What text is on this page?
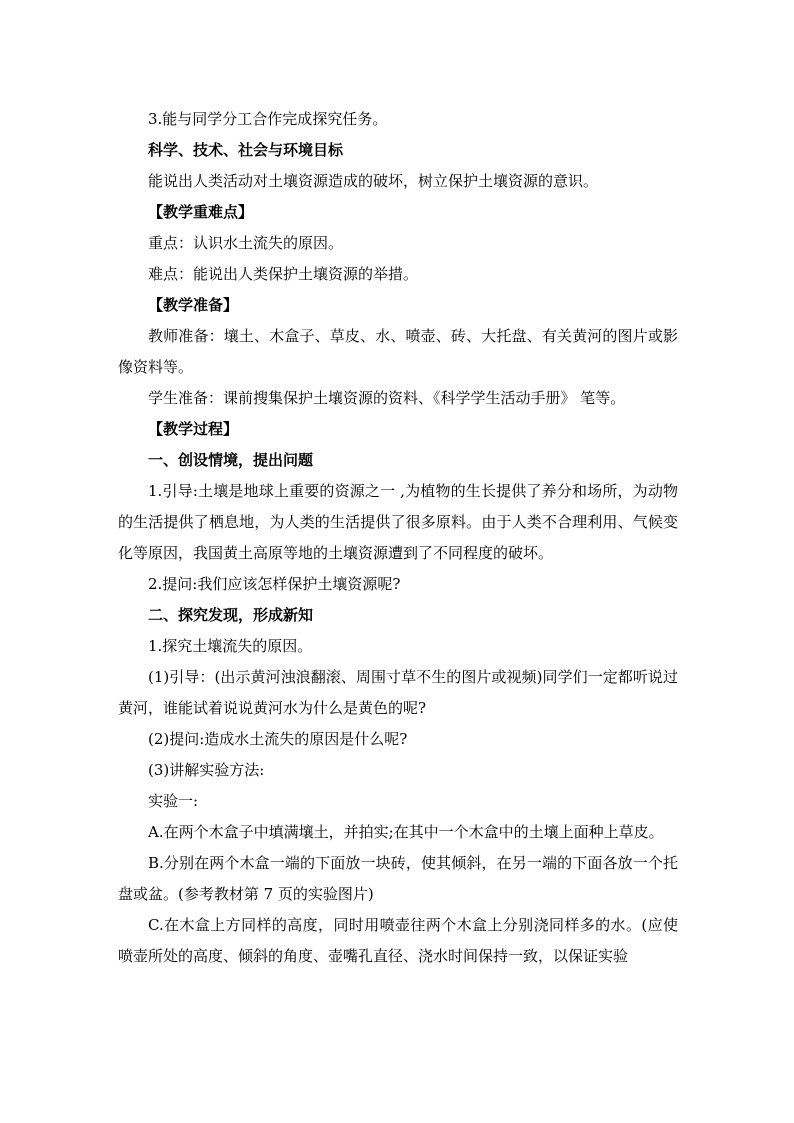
3.能与同学分工合作完成探究任务。

科学、技术、社会与环境目标

能说出人类活动对土壤资源造成的破坏，树立保护土壤资源的意识。

【教学重难点】

重点：认识水土流失的原因。

难点：能说出人类保护土壤资源的举措。

【教学准备】

教师准备：壤土、木盒子、草皮、水、喷壶、砖、大托盘、有关黄河的图片或影像资料等。

学生准备：课前搜集保护土壤资源的资料、《科学学生活动手册》 笔等。

【教学过程】

一、创设情境，提出问题

1.引导:土壤是地球上重要的资源之一 ,为植物的生长提供了养分和场所，为动物的生活提供了栖息地，为人类的生活提供了很多原料。由于人类不合理利用、气候变化等原因，我国黄土高原等地的土壤资源遭到了不同程度的破坏。

2.提问:我们应该怎样保护土壤资源呢?

二、探究发现，形成新知

1.探究土壤流失的原因。

(1)引导：(出示黄河浊浪翻滚、周围寸草不生的图片或视频)同学们一定都听说过黄河，谁能试着说说黄河水为什么是黄色的呢?

(2)提问:造成水土流失的原因是什么呢?

(3)讲解实验方法:

实验一:

A.在两个木盒子中填满壤土，并拍实;在其中一个木盒中的土壤上面种上草皮。

B.分别在两个木盒一端的下面放一块砖，使其倾斜，在另一端的下面各放一个托盘或盆。(参考教材第 7 页的实验图片)

C.在木盒上方同样的高度，同时用喷壶往两个木盒上分别浇同样多的水。(应使喷壶所处的高度、倾斜的角度、壶嘴孔直径、浇水时间保持一致，以保证实验
